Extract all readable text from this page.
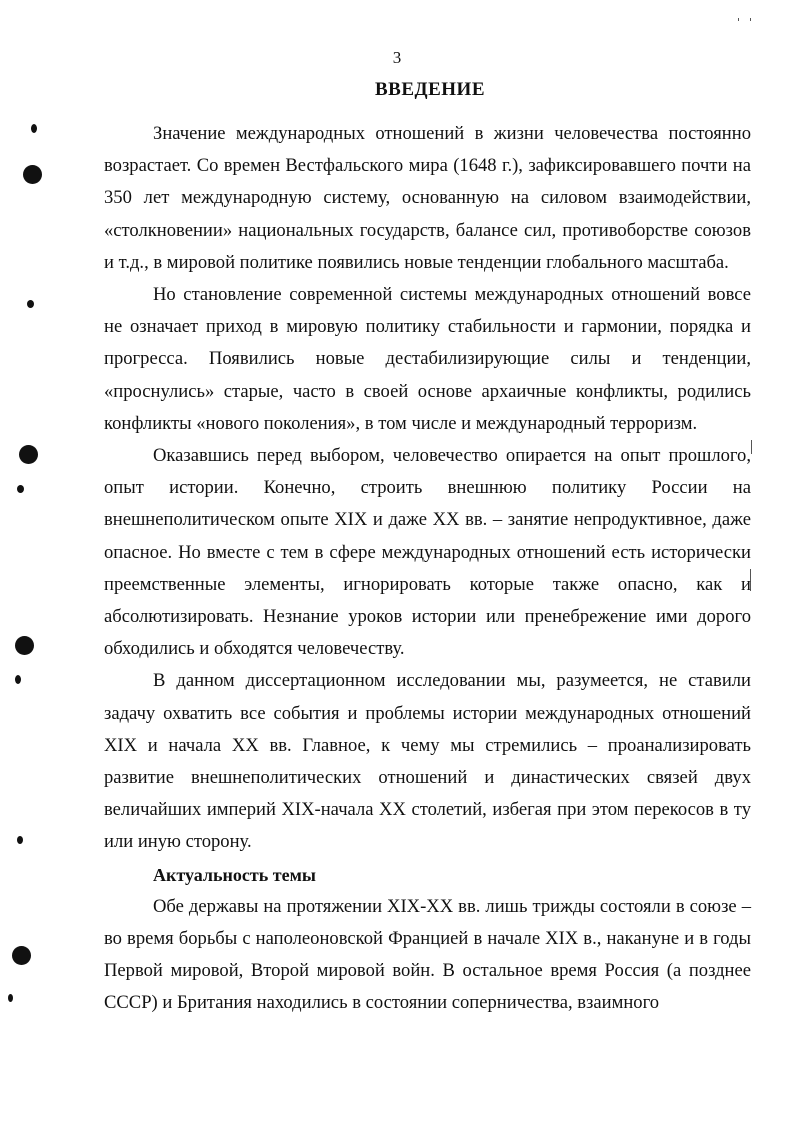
3
ВВЕДЕНИЕ

Значение международных отношений в жизни человечества постоянно возрастает. Со времен Вестфальского мира (1648 г.), зафиксировавшего почти на 350 лет международную систему, основанную на силовом взаимодействии, «столкновении» национальных государств, балансе сил, противоборстве союзов и т.д., в мировой политике появились новые тенденции глобального масштаба.

Но становление современной системы международных отношений вовсе не означает приход в мировую политику стабильности и гармонии, порядка и прогресса. Появились новые дестабилизирующие силы и тенденции, «проснулись» старые, часто в своей основе архаичные конфликты, родились конфликты «нового поколения», в том числе и международный терроризм.

Оказавшись перед выбором, человечество опирается на опыт прошлого, опыт истории. Конечно, строить внешнюю политику России на внешнеполитическом опыте XIX и даже XX вв. – занятие непродуктивное, даже опасное. Но вместе с тем в сфере международных отношений есть исторически преемственные элементы, игнорировать которые также опасно, как и абсолютизировать. Незнание уроков истории или пренебрежение ими дорого обходились и обходятся человечеству.

В данном диссертационном исследовании мы, разумеется, не ставили задачу охватить все события и проблемы истории международных отношений XIX и начала XX вв. Главное, к чему мы стремились – проанализировать развитие внешнеполитических отношений и династических связей двух величайших империй XIX-начала XX столетий, избегая при этом перекосов в ту или иную сторону.

Актуальность темы

Обе державы на протяжении XIX-XX вв. лишь трижды состояли в союзе – во время борьбы с наполеоновской Францией в начале XIX в., накануне и в годы Первой мировой, Второй мировой войн. В остальное время Россия (а позднее СССР) и Британия находились в состоянии соперничества, взаимного
